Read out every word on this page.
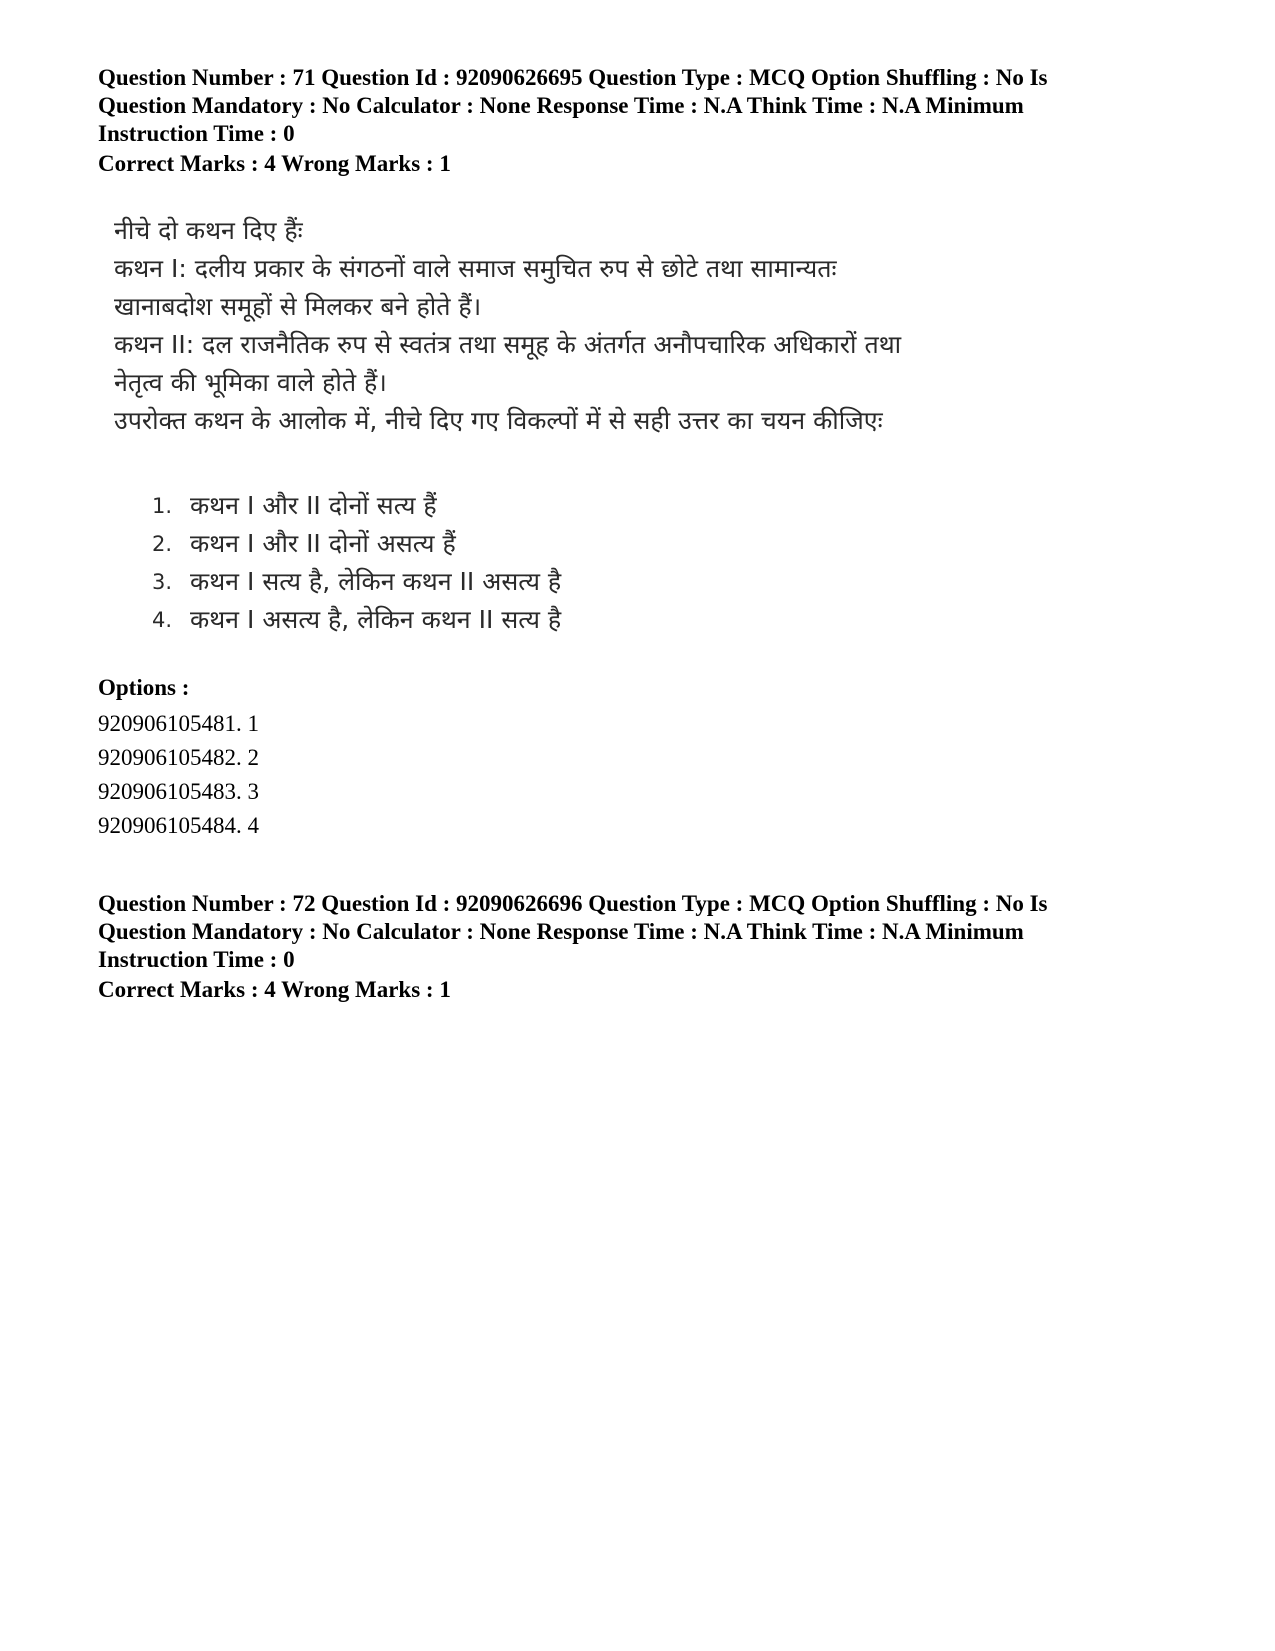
Question Number : 71 Question Id : 92090626695 Question Type : MCQ Option Shuffling : No Is

Question Mandatory : No Calculator : None Response Time : N.A Think Time : N.A Minimum

Instruction Time : 0

Correct Marks : 4 Wrong Marks : 1

नीचे दो कथन दिए हैंः

कथन I: दलीय प्रकार के संगठनों वाले समाज समुचित रुप से छोटे तथा सामान्यतः

खानाबदोश समूहों से मिलकर बने होते हैं।

कथन II: दल राजनैतिक रुप से स्वतंत्र तथा समूह के अंतर्गत अनौपचारिक अधिकारों तथा

नेतृत्व की भूमिका वाले होते हैं।

उपरोक्त कथन के आलोक में, नीचे दिए गए विकल्पों में से सही उत्तर का चयन कीजिएः

1. कथन I और II दोनों सत्य हैं
2. कथन I और II दोनों असत्य हैं
3. कथन I सत्य है, लेकिन कथन II असत्य है
4. कथन I असत्य है, लेकिन कथन II सत्य है
Options :
920906105481. 1
920906105482. 2
920906105483. 3
920906105484. 4

Question Number : 72 Question Id : 92090626696 Question Type : MCQ Option Shuffling : No Is

Question Mandatory : No Calculator : None Response Time : N.A Think Time : N.A Minimum

Instruction Time : 0

Correct Marks : 4 Wrong Marks : 1
